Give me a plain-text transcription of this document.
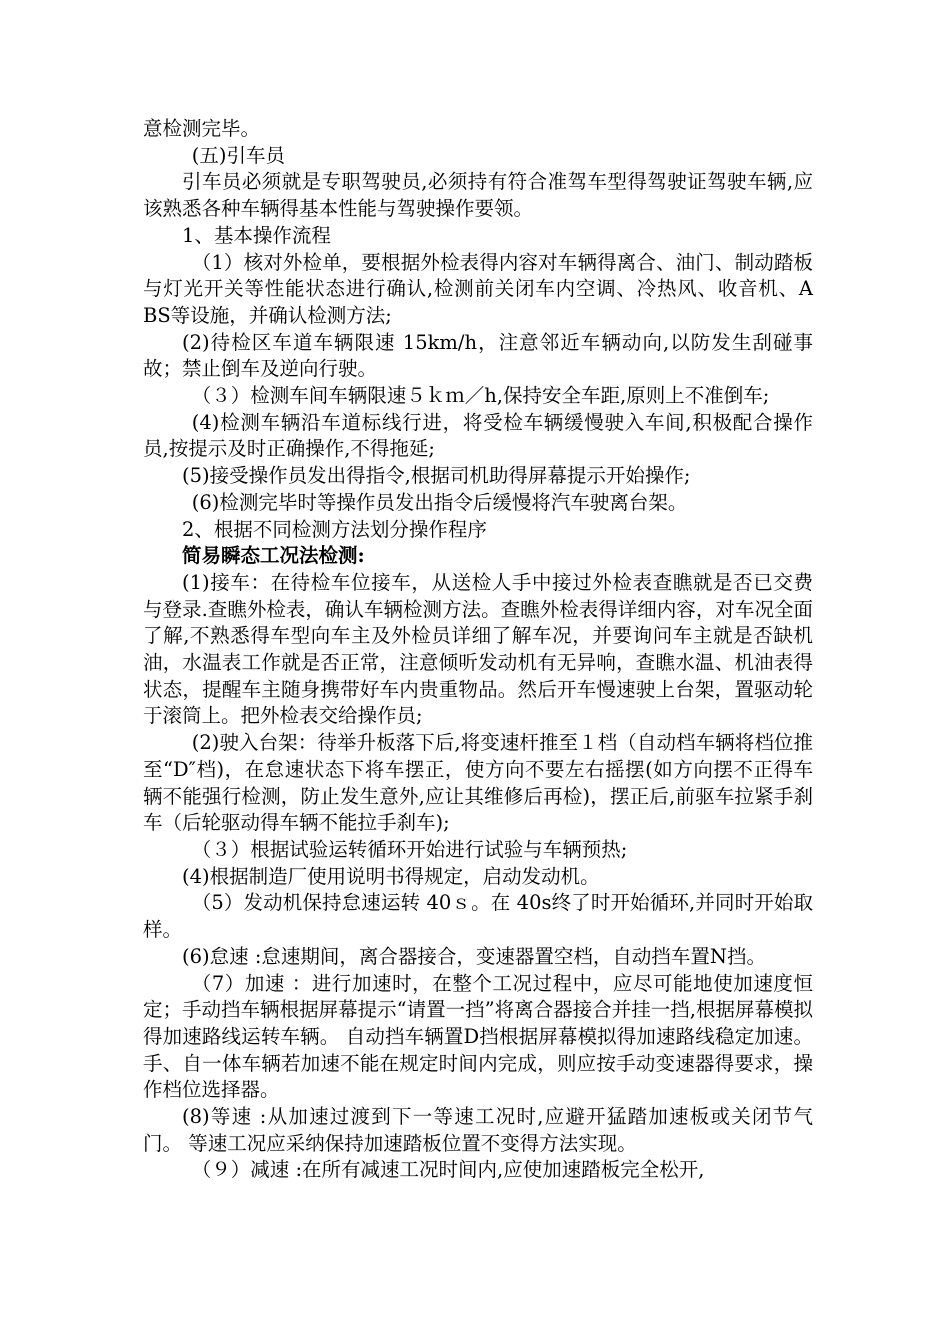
意检测完毕。

(五)引车员

引车员必须就是专职驾驶员,必须持有符合准驾车型得驾驶证驾驶车辆,应该熟悉各种车辆得基本性能与驾驶操作要领。

1、基本操作流程

（1）核对外检单，要根据外检表得内容对车辆得离合、油门、制动踏板与灯光开关等性能状态进行确认,检测前关闭车内空调、冷热风、收音机、A BS等设施，并确认检测方法;

(2)待检区车道车辆限速 15km/h，注意邻近车辆动向,以防发生刮碰事故；禁止倒车及逆向行驶。

（３）检测车间车辆限速５ｋｍ／h,保持安全车距,原则上不准倒车;

(4)检测车辆沿车道标线行进，将受检车辆缓慢驶入车间,积极配合操作员,按提示及时正确操作,不得拖延;

(5)接受操作员发出得指令,根据司机助得屏幕提示开始操作;

(6)检测完毕时等操作员发出指令后缓慢将汽车驶离台架。

2、根据不同检测方法划分操作程序

简易瞬态工况法检测:

(1)接车：在待检车位接车，从送检人手中接过外检表查瞧就是否已交费与登录.查瞧外检表，确认车辆检测方法。查瞧外检表得详细内容，对车况全面了解,不熟悉得车型向车主及外检员详细了解车况，并要询问车主就是否缺机油，水温表工作就是否正常，注意倾听发动机有无异响，查瞧水温、机油表得状态，提醒车主随身携带好车内贵重物品。然后开车慢速驶上台架，置驱动轮于滚筒上。把外检表交给操作员;

(2)驶入台架：待举升板落下后,将变速杆推至１档（自动档车辆将档位推至“D″档)，在怠速状态下将车摆正，使方向不要左右摇摆(如方向摆不正得车辆不能强行检测，防止发生意外,应让其维修后再检)，摆正后,前驱车拉紧手刹车（后轮驱动得车辆不能拉手刹车);

（３）根据试验运转循环开始进行试验与车辆预热;

(4)根据制造厂使用说明书得规定，启动发动机。

（5）发动机保持怠速运转 40ｓ。在 40s终了时开始循环,并同时开始取样。

(6)怠速 :怠速期间，离合器接合，变速器置空档，自动挡车置N挡。

（7）加速 ：进行加速时，在整个工况过程中，应尽可能地使加速度恒定；手动挡车辆根据屏幕提示“请置一挡”将离合器接合并挂一挡,根据屏幕模拟得加速路线运转车辆。 自动挡车辆置D挡根据屏幕模拟得加速路线稳定加速。手、自一体车辆若加速不能在规定时间内完成，则应按手动变速器得要求，操作档位选择器。

(8)等速 :从加速过渡到下一等速工况时,应避开猛踏加速板或关闭节气门。 等速工况应采纳保持加速踏板位置不变得方法实现。

（９）减速 :在所有减速工况时间内,应使加速踏板完全松开,
